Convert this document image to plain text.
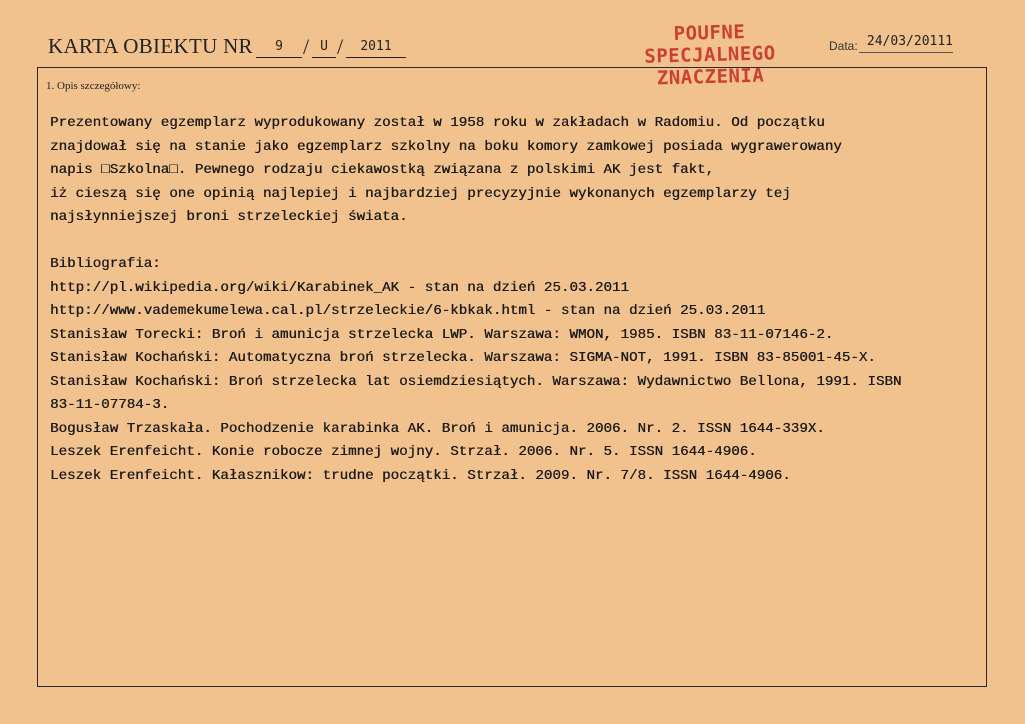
KARTA OBIEKTU NR	9 / U /	2011
POUFNE
SPECJALNEGO
ZNACZENIA
Data: 24/03/20111
1. Opis szczegółowy:
Prezentowany egzemplarz wyprodukowany został w 1958 roku w zakładach w Radomiu. Od początku
znajdował się na stanie jako egzemplarz szkolny na boku komory zamkowej posiada wygrawerowany
napis □Szkolna□. Pewnego rodzaju ciekawostką związana z polskimi AK jest fakt,
iż cieszą się one opinią najlepiej i najbardziej precyzyjnie wykonanych egzemplarzy tej
najsłynniejszej broni strzeleckiej świata.
Bibliografia:
http://pl.wikipedia.org/wiki/Karabinek_AK - stan na dzień 25.03.2011
http://www.vademekumelewa.cal.pl/strzeleckie/6-kbkak.html - stan na dzień 25.03.2011
Stanisław Torecki: Broń i amunicja strzelecka LWP. Warszawa: WMON, 1985. ISBN 83-11-07146-2.
Stanisław Kochański: Automatyczna broń strzelecka. Warszawa: SIGMA-NOT, 1991. ISBN 83-85001-45-X.
Stanisław Kochański: Broń strzelecka lat osiemdziesiątych. Warszawa: Wydawnictwo Bellona, 1991. ISBN
83-11-07784-3.
Bogusław Trzaskała. Pochodzenie karabinka AK. Broń i amunicja. 2006. Nr. 2. ISSN 1644-339X.
Leszek Erenfeicht. Konie robocze zimnej wojny. Strzał. 2006. Nr. 5. ISSN 1644-4906.
Leszek Erenfeicht. Kałasznikow: trudne początki. Strzał. 2009. Nr. 7/8. ISSN 1644-4906.
